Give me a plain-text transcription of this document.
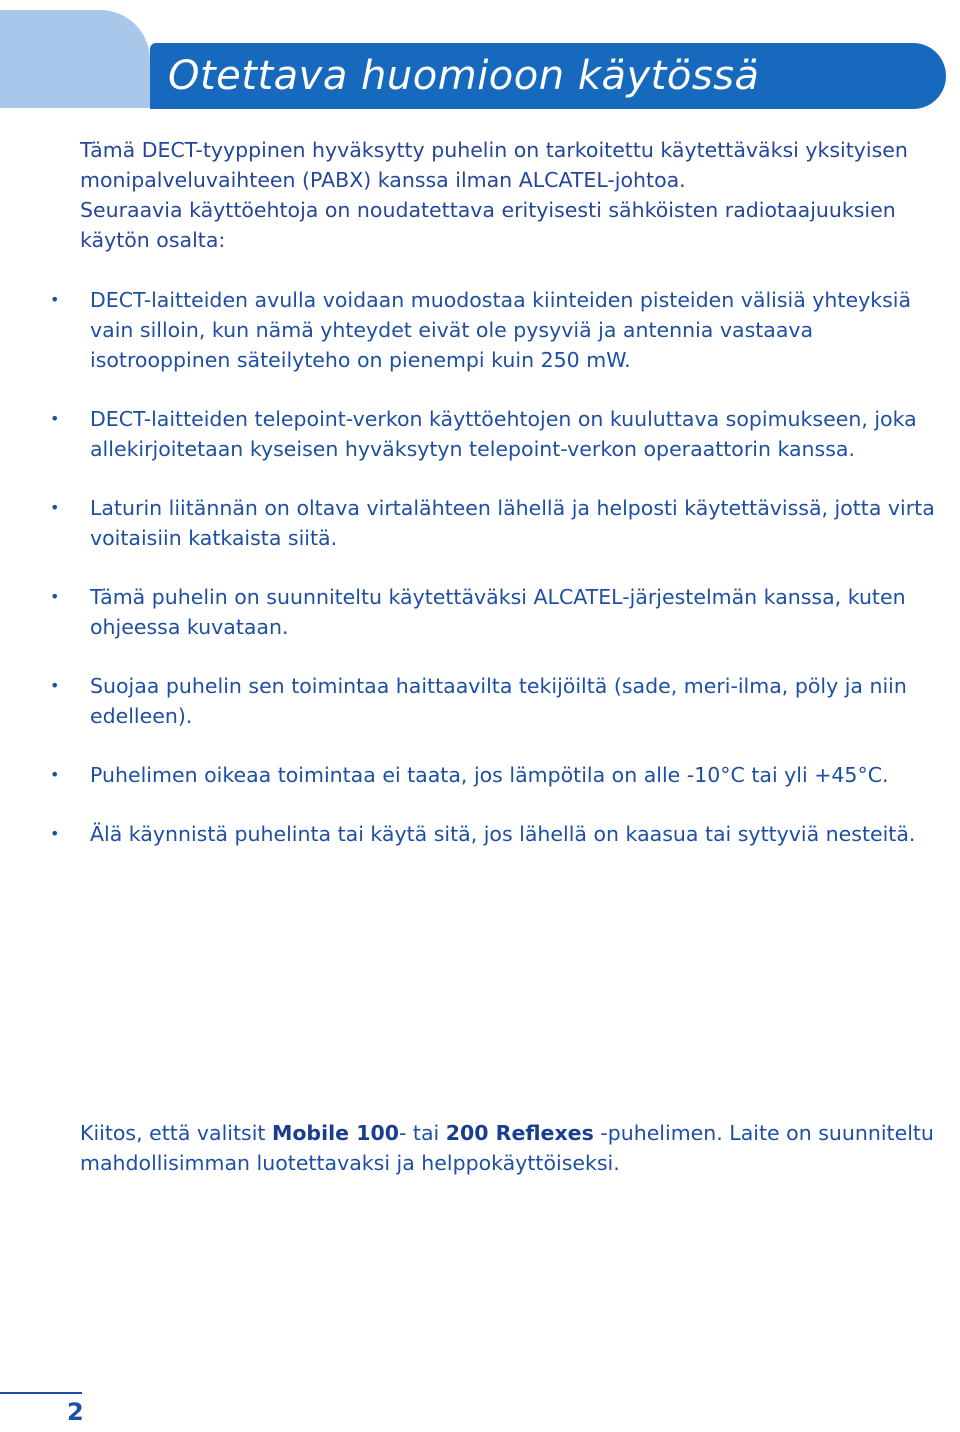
Otettava huomioon käytössä

Tämä DECT-tyyppinen hyväksytty puhelin on tarkoitettu käytettäväksi yksityisen monipalveluvaihteen (PABX) kanssa ilman ALCATEL-johtoa.

Seuraavia käyttöehtoja on noudatettava erityisesti sähköisten radiotaajuuksien käytön osalta:

• DECT-laitteiden avulla voidaan muodostaa kiinteiden pisteiden välisiä yhteyksiä vain silloin, kun nämä yhteydet eivät ole pysyviä ja antennia vastaava isotrooppinen säteilyteho on pienempi kuin 250 mW.
• DECT-laitteiden telepoint-verkon käyttöehtojen on kuuluttava sopimukseen, joka allekirjoitetaan kyseisen hyväksytyn telepoint-verkon operaattorin kanssa.
• Laturin liitännän on oltava virtalähteen lähellä ja helposti käytettävissä, jotta virta voitaisiin katkaista siitä.
• Tämä puhelin on suunniteltu käytettäväksi ALCATEL-järjestelmän kanssa, kuten ohjeessa kuvataan.
• Suojaa puhelin sen toimintaa haittaavilta tekijöiltä (sade, meri-ilma, pöly ja niin edelleen).
• Puhelimen oikeaa toimintaa ei taata, jos lämpötila on alle -10°C tai yli +45°C.
• Älä käynnistä puhelinta tai käytä sitä, jos lähellä on kaasua tai syttyviä nesteitä.
Kiitos, että valitsit Mobile 100- tai 200 Reflexes -puhelimen. Laite on suunniteltu mahdollisimman luotettavaksi ja helppokäyttöiseksi.
2
